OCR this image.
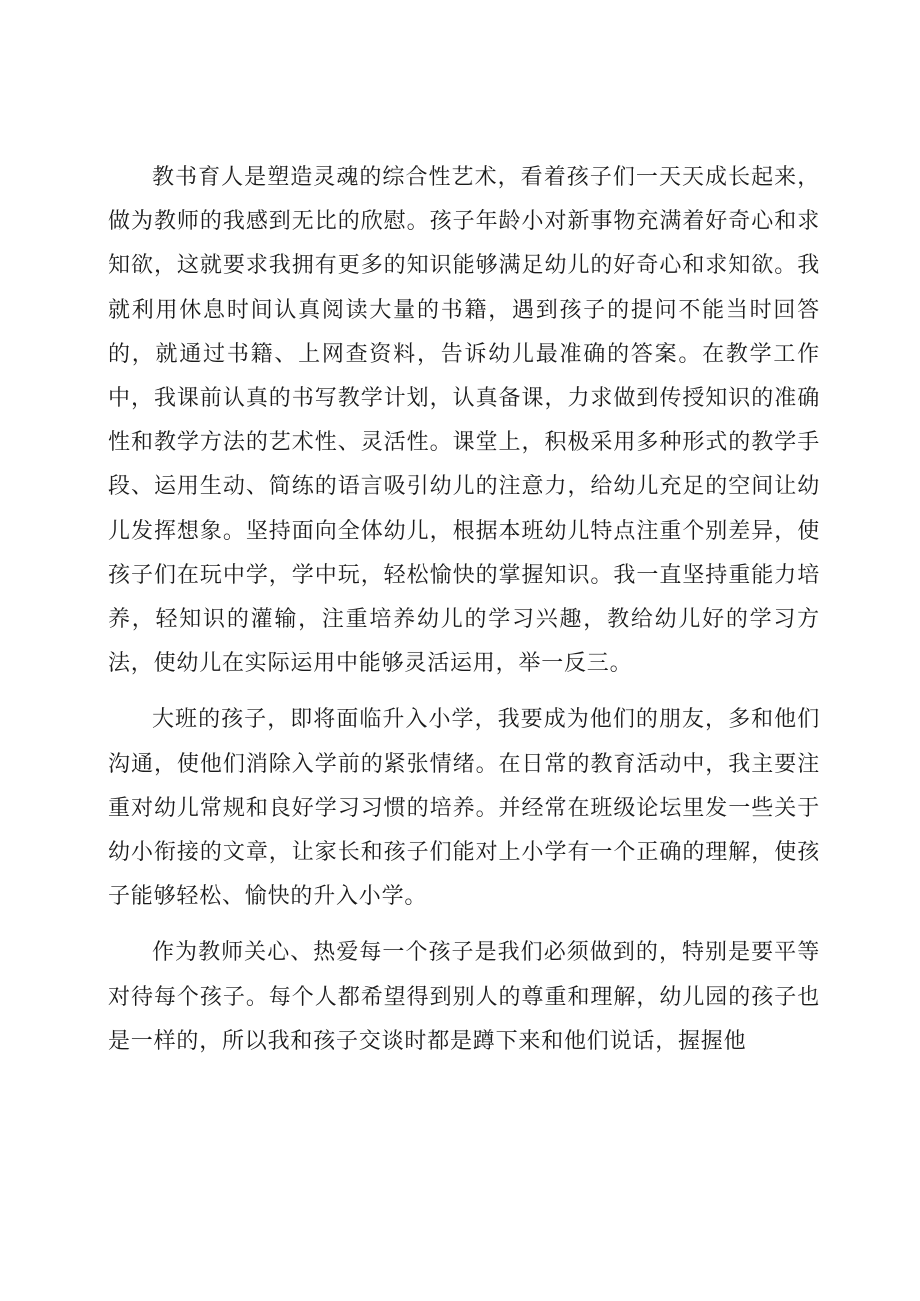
教书育人是塑造灵魂的综合性艺术，看着孩子们一天天成长起来，做为教师的我感到无比的欣慰。孩子年龄小对新事物充满着好奇心和求知欲，这就要求我拥有更多的知识能够满足幼儿的好奇心和求知欲。我就利用休息时间认真阅读大量的书籍，遇到孩子的提问不能当时回答的，就通过书籍、上网查资料，告诉幼儿最准确的答案。在教学工作中，我课前认真的书写教学计划，认真备课，力求做到传授知识的准确性和教学方法的艺术性、灵活性。课堂上，积极采用多种形式的教学手段、运用生动、简练的语言吸引幼儿的注意力，给幼儿充足的空间让幼儿发挥想象。坚持面向全体幼儿，根据本班幼儿特点注重个别差异，使孩子们在玩中学，学中玩，轻松愉快的掌握知识。我一直坚持重能力培养，轻知识的灌输，注重培养幼儿的学习兴趣，教给幼儿好的学习方法，使幼儿在实际运用中能够灵活运用，举一反三。

大班的孩子，即将面临升入小学，我要成为他们的朋友，多和他们沟通，使他们消除入学前的紧张情绪。在日常的教育活动中，我主要注重对幼儿常规和良好学习习惯的培养。并经常在班级论坛里发一些关于幼小衔接的文章，让家长和孩子们能对上小学有一个正确的理解，使孩子能够轻松、愉快的升入小学。

作为教师关心、热爱每一个孩子是我们必须做到的，特别是要平等对待每个孩子。每个人都希望得到别人的尊重和理解，幼儿园的孩子也是一样的，所以我和孩子交谈时都是蹲下来和他们说话，握握他
